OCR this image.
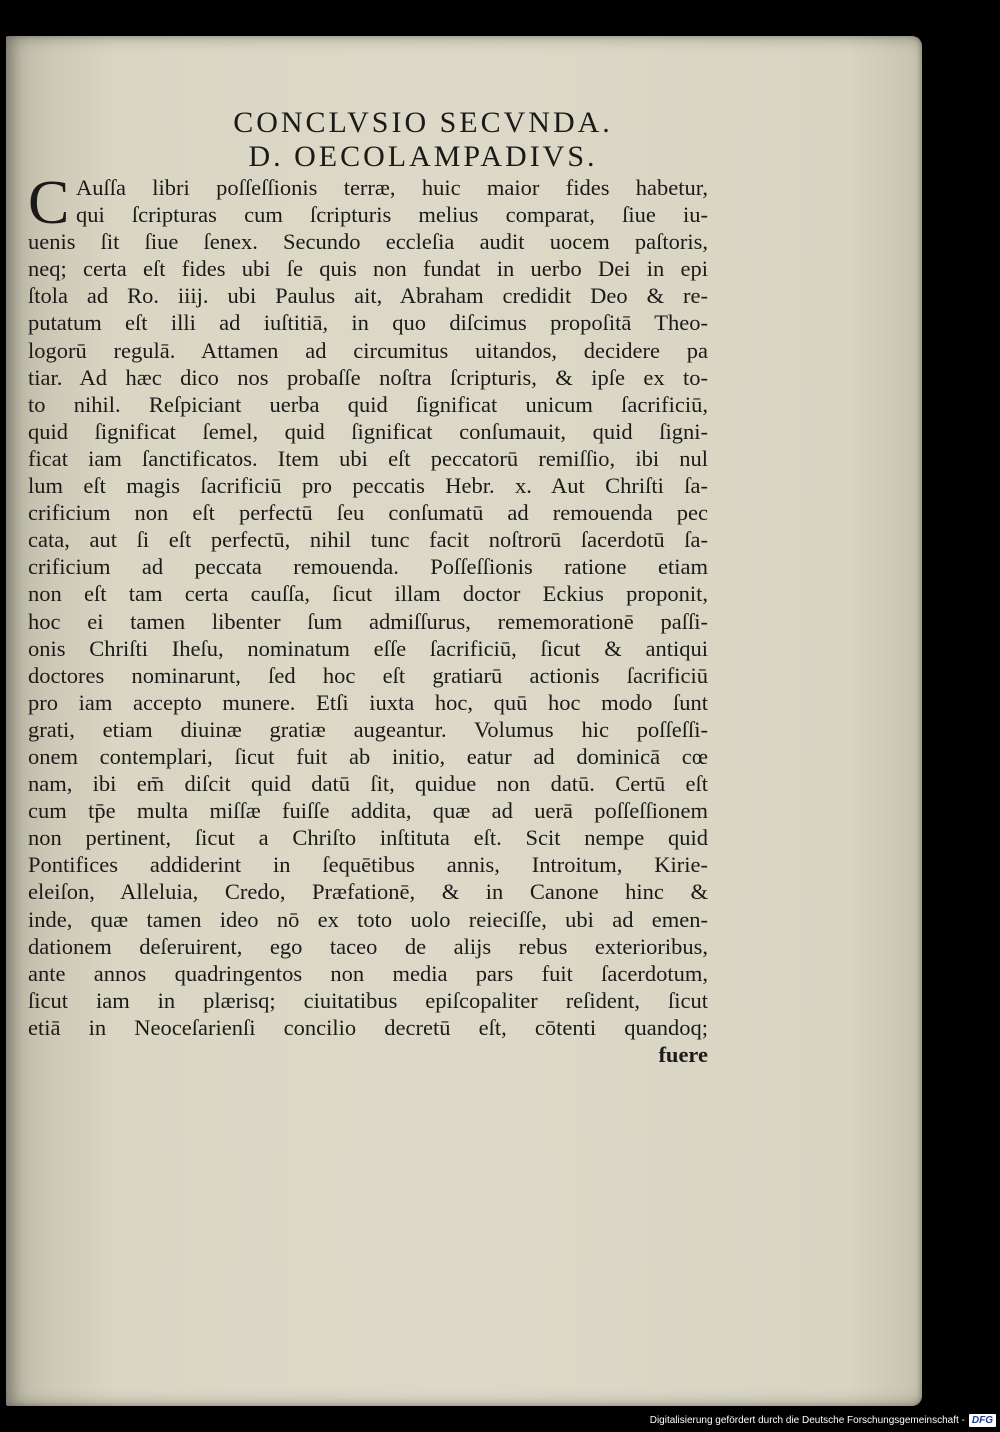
CONCLVSIO SECVNDA.
D. OECOLAMPADIVS.
C Auſſa libri poſſeſſionis terræ, huic maior fides habetur,
qui ſcripturas cum ſcripturis melius comparat, ſiue iu-
uenis ſit ſiue ſenex. Secundo eccleſia audit uocem paſtoris,
neq; certa eſt fides ubi ſe quis non fundat in uerbo Dei in epi
ſtola ad Ro. iiij. ubi Paulus ait, Abraham credidit Deo & re-
putatum eſt illi ad iuſtitiā, in quo diſcimus propoſitā Theo-
logorū regulā. Attamen ad circumitus uitandos, decidere pa
tiar. Ad hæc dico nos probaſſe noſtra ſcripturis, & ipſe ex to-
to nihil. Reſpiciant uerba quid ſignificat unicum ſacrificiū,
quid ſignificat ſemel, quid ſignificat conſumauit, quid ſigni-
ficat iam ſanctificatos. Item ubi eſt peccatorū remiſſio, ibi nul
lum eſt magis ſacrificiū pro peccatis Hebr. x. Aut Chriſti ſa-
crificium non eſt perfectū ſeu conſumatū ad remouenda pec
cata, aut ſi eſt perfectū, nihil tunc facit noſtrorū ſacerdotū ſa-
crificium ad peccata remouenda. Poſſeſſionis ratione etiam
non eſt tam certa cauſſa, ſicut illam doctor Eckius proponit,
hoc ei tamen libenter ſum admiſſurus, rememorationē paſſi-
onis Chriſti Iheſu, nominatum eſſe ſacrificiū, ſicut & antiqui
doctores nominarunt, ſed hoc eſt gratiarū actionis ſacrificiū
pro iam accepto munere. Etſi iuxta hoc, quū hoc modo ſunt
grati, etiam diuinæ gratiæ augeantur. Volumus hic poſſeſſi-
onem contemplari, ſicut fuit ab initio, eatur ad dominicā cœ
nam, ibi em̄ diſcit quid datū ſit, quidue non datū. Certū eſt
cum tp̄e multa miſſæ fuiſſe addita, quæ ad uerā poſſeſſionem
non pertinent, ſicut a Chriſto inſtituta eſt. Scit nempe quid
Pontifices addiderint in ſequētibus annis, Introitum, Kirie-
eleiſon, Alleluia, Credo, Præfationē, & in Canone hinc &
inde, quæ tamen ideo nō ex toto uolo reieciſſe, ubi ad emen-
dationem deſeruirent, ego taceo de alijs rebus exterioribus,
ante annos quadringentos non media pars fuit ſacerdotum,
ſicut iam in plærisq; ciuitatibus epiſcopaliter reſident, ſicut
etiā in Neoceſarienſi concilio decretū eſt, cōtenti quandoq;
fuere
Digitalisierung gefördert durch die Deutsche Forschungsgemeinschaft - DFG
